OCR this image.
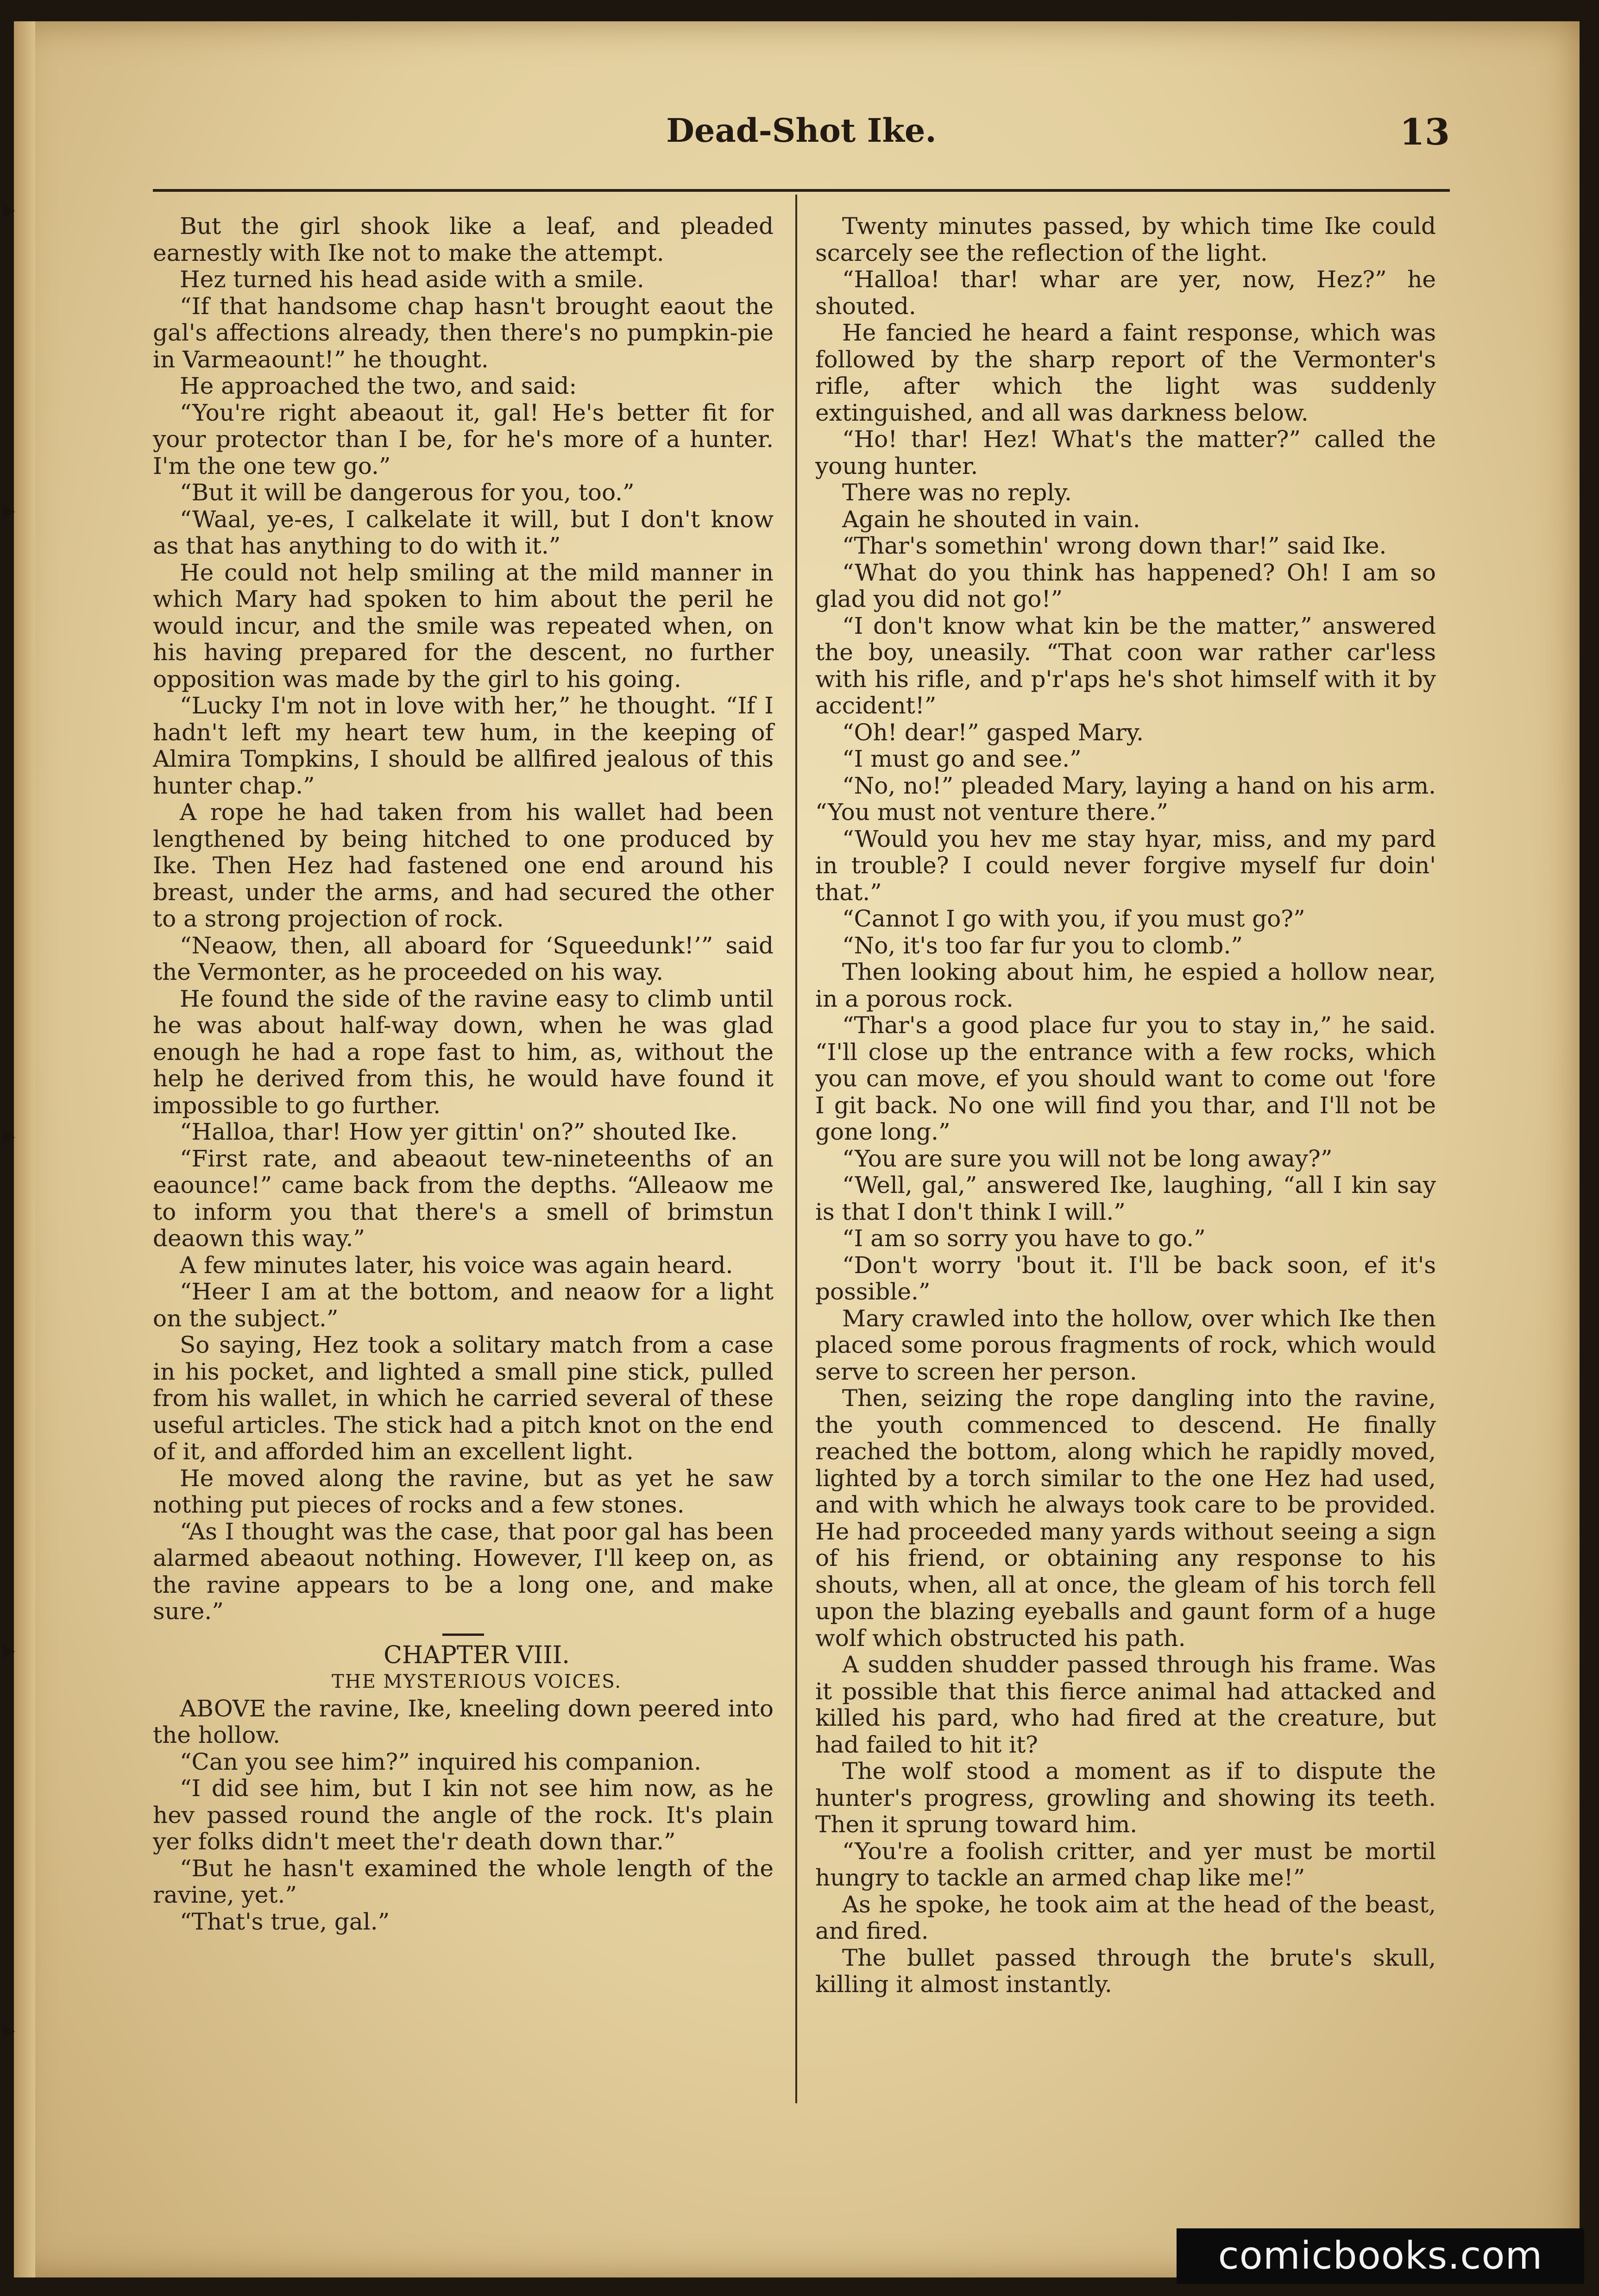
Dead-Shot Ike.	13

But the girl shook like a leaf, and pleaded earnestly with Ike not to make the attempt.

Hez turned his head aside with a smile.

“If that handsome chap hasn't brought eaout the gal's affections already, then there's no pumpkin-pie in Varmeaount!” he thought.

He approached the two, and said:

“You're right abeaout it, gal! He's better fit for your protector than I be, for he's more of a hunter. I'm the one tew go.”

“But it will be dangerous for you, too.”

“Waal, ye-es, I calkelate it will, but I don't know as that has anything to do with it.”

He could not help smiling at the mild manner in which Mary had spoken to him about the peril he would incur, and the smile was repeated when, on his having prepared for the descent, no further opposition was made by the girl to his going.

“Lucky I'm not in love with her,” he thought. “If I hadn't left my heart tew hum, in the keeping of Almira Tompkins, I should be allfired jealous of this hunter chap.”

A rope he had taken from his wallet had been lengthened by being hitched to one produced by Ike. Then Hez had fastened one end around his breast, under the arms, and had secured the other to a strong projection of rock.

“Neaow, then, all aboard for ‘Squeedunk!’” said the Vermonter, as he proceeded on his way.

He found the side of the ravine easy to climb until he was about half-way down, when he was glad enough he had a rope fast to him, as, without the help he derived from this, he would have found it impossible to go further.

“Halloa, thar! How yer gittin' on?” shouted Ike.

“First rate, and abeaout tew-nineteenths of an eaounce!” came back from the depths. “Alleaow me to inform you that there's a smell of brimstun deaown this way.”

A few minutes later, his voice was again heard.

“Heer I am at the bottom, and neaow for a light on the subject.”

So saying, Hez took a solitary match from a case in his pocket, and lighted a small pine stick, pulled from his wallet, in which he carried several of these useful articles. The stick had a pitch knot on the end of it, and afforded him an excellent light.

He moved along the ravine, but as yet he saw nothing put pieces of rocks and a few stones.

“As I thought was the case, that poor gal has been alarmed abeaout nothing. However, I'll keep on, as the ravine appears to be a long one, and make sure.”

CHAPTER VIII.

THE MYSTERIOUS VOICES.

ABOVE the ravine, Ike, kneeling down peered into the hollow.

“Can you see him?” inquired his companion.

“I did see him, but I kin not see him now, as he hev passed round the angle of the rock. It's plain yer folks didn't meet the'r death down thar.”

“But he hasn't examined the whole length of the ravine, yet.”

“That's true, gal.”

Twenty minutes passed, by which time Ike could scarcely see the reflection of the light.

“Halloa! thar! whar are yer, now, Hez?” he shouted.

He fancied he heard a faint response, which was followed by the sharp report of the Vermonter's rifle, after which the light was suddenly extinguished, and all was darkness below.

“Ho! thar! Hez! What's the matter?” called the young hunter.

There was no reply.

Again he shouted in vain.

“Thar's somethin' wrong down thar!” said Ike.

“What do you think has happened? Oh! I am so glad you did not go!”

“I don't know what kin be the matter,” answered the boy, uneasily. “That coon war rather car'less with his rifle, and p'r'aps he's shot himself with it by accident!”

“Oh! dear!” gasped Mary.

“I must go and see.”

“No, no!” pleaded Mary, laying a hand on his arm. “You must not venture there.”

“Would you hev me stay hyar, miss, and my pard in trouble? I could never forgive myself fur doin' that.”

“Cannot I go with you, if you must go?”

“No, it's too far fur you to clomb.”

Then looking about him, he espied a hollow near, in a porous rock.

“Thar's a good place fur you to stay in,” he said. “I'll close up the entrance with a few rocks, which you can move, ef you should want to come out 'fore I git back. No one will find you thar, and I'll not be gone long.”

“You are sure you will not be long away?”

“Well, gal,” answered Ike, laughing, “all I kin say is that I don't think I will.”

“I am so sorry you have to go.”

“Don't worry 'bout it. I'll be back soon, ef it's possible.”

Mary crawled into the hollow, over which Ike then placed some porous fragments of rock, which would serve to screen her person.

Then, seizing the rope dangling into the ravine, the youth commenced to descend. He finally reached the bottom, along which he rapidly moved, lighted by a torch similar to the one Hez had used, and with which he always took care to be provided. He had proceeded many yards without seeing a sign of his friend, or obtaining any response to his shouts, when, all at once, the gleam of his torch fell upon the blazing eyeballs and gaunt form of a huge wolf which obstructed his path.

A sudden shudder passed through his frame. Was it possible that this fierce animal had attacked and killed his pard, who had fired at the creature, but had failed to hit it?

The wolf stood a moment as if to dispute the hunter's progress, growling and showing its teeth. Then it sprung toward him.

“You're a foolish critter, and yer must be mortil hungry to tackle an armed chap like me!”

As he spoke, he took aim at the head of the beast, and fired.

The bullet passed through the brute's skull, killing it almost instantly.

comicbooks.com
